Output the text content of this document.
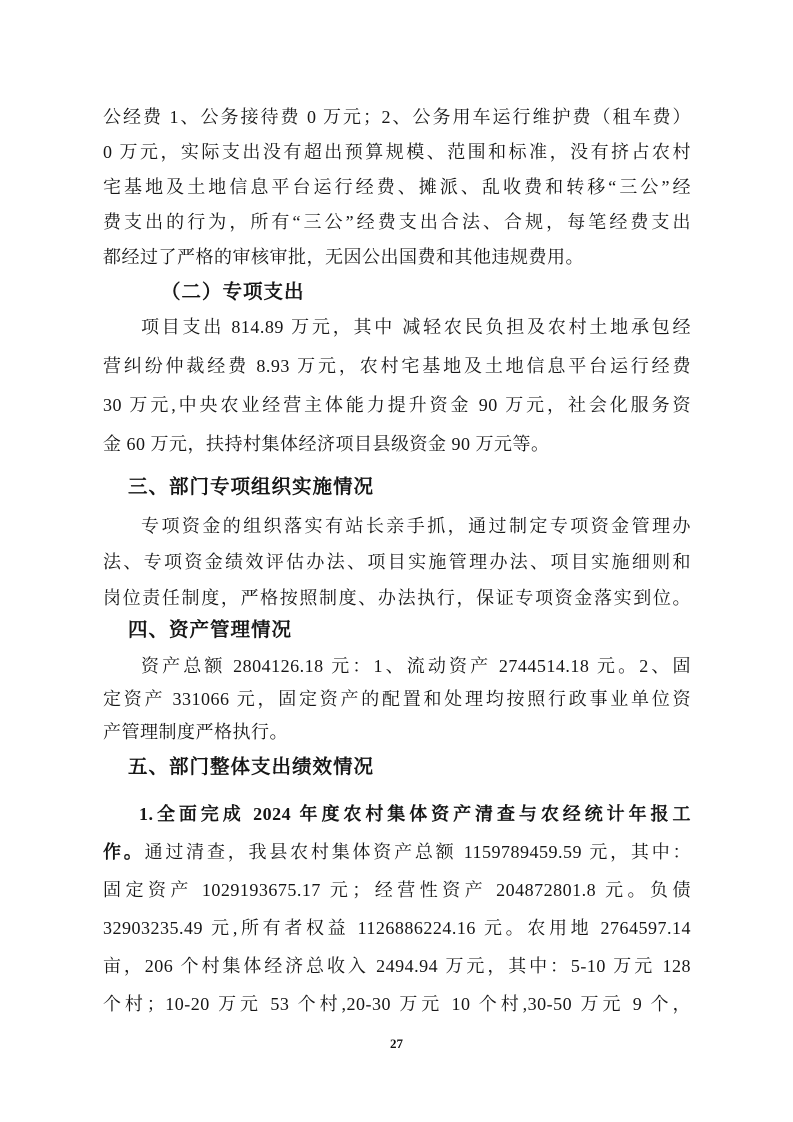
公经费 1、公务接待费 0 万元；2、公务用车运行维护费（租车费）
0 万元，实际支出没有超出预算规模、范围和标准，没有挤占农村
宅基地及土地信息平台运行经费、摊派、乱收费和转移“三公”经
费支出的行为，所有“三公”经费支出合法、合规，每笔经费支出
都经过了严格的审核审批，无因公出国费和其他违规费用。
（二）专项支出
项目支出 814.89 万元，其中 减轻农民负担及农村土地承包经
营纠纷仲裁经费 8.93 万元，农村宅基地及土地信息平台运行经费
30 万元,中央农业经营主体能力提升资金 90 万元，社会化服务资
金 60 万元，扶持村集体经济项目县级资金 90 万元等。
三、部门专项组织实施情况
专项资金的组织落实有站长亲手抓，通过制定专项资金管理办
法、专项资金绩效评估办法、项目实施管理办法、项目实施细则和
岗位责任制度，严格按照制度、办法执行，保证专项资金落实到位。
四、资产管理情况
资产总额 2804126.18 元：1、流动资产 2744514.18 元。2、固
定资产 331066 元，固定资产的配置和处理均按照行政事业单位资
产管理制度严格执行。
五、部门整体支出绩效情况
1.全面完成 2024 年度农村集体资产清查与农经统计年报工
作。通过清查，我县农村集体资产总额 1159789459.59 元，其中：
固定资产 1029193675.17 元；经营性资产 204872801.8 元。负债
32903235.49 元,所有者权益 1126886224.16 元。农用地 2764597.14
亩，206 个村集体经济总收入 2494.94 万元，其中：5-10 万元 128
个村；10-20 万元 53 个村,20-30 万元 10 个村,30-50 万元 9 个，
27
